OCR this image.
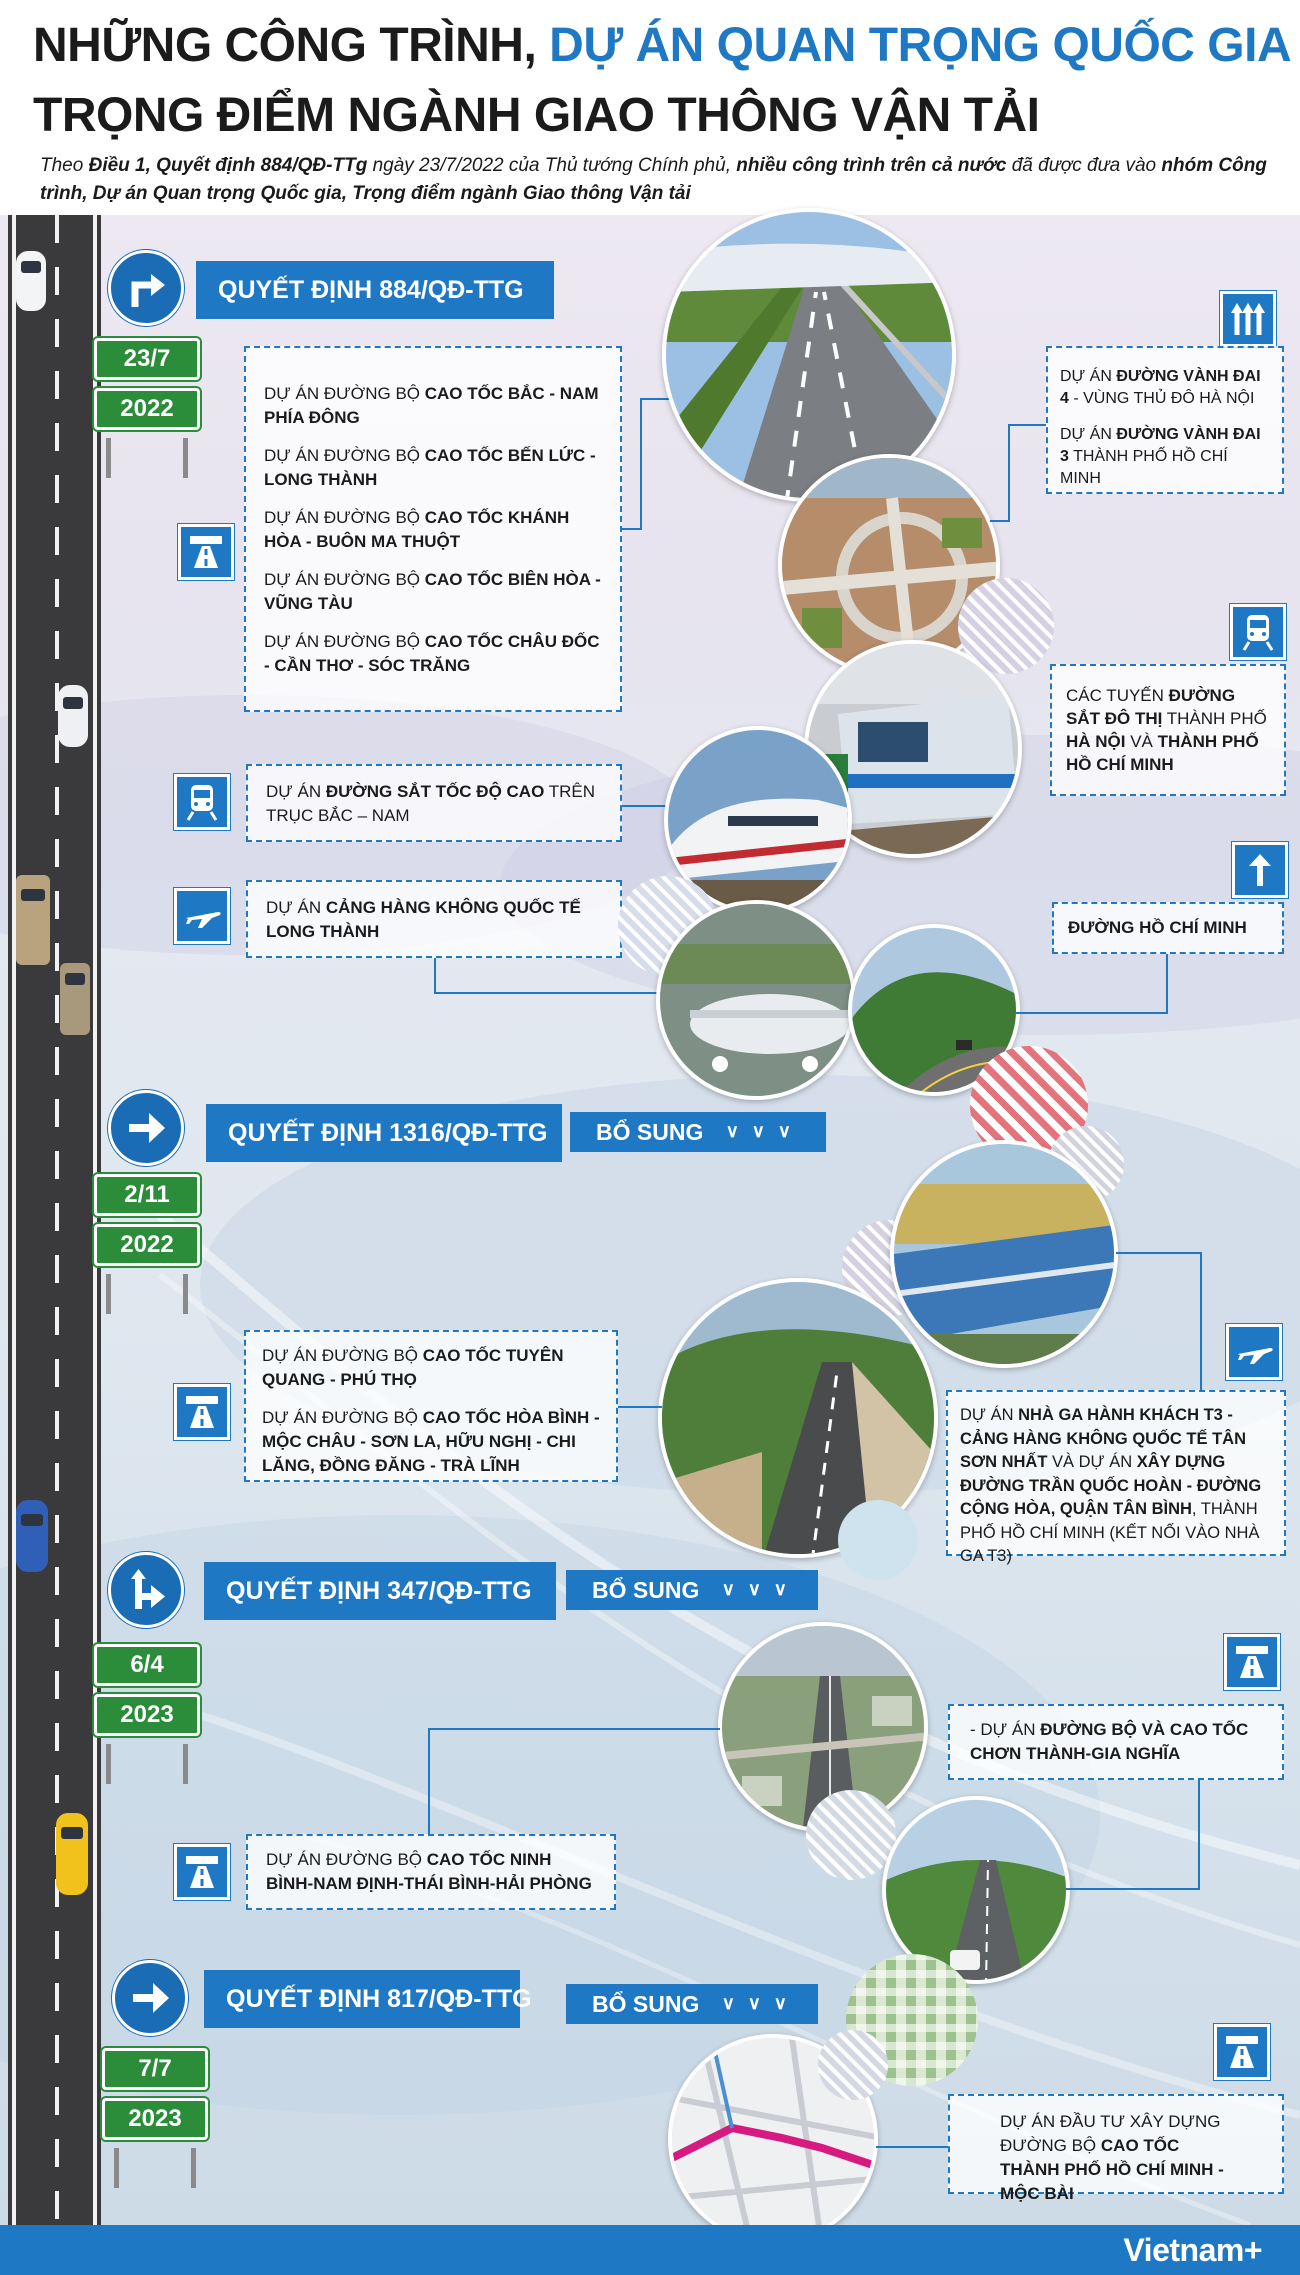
NHỮNG CÔNG TRÌNH, DỰ ÁN QUAN TRỌNG QUỐC GIA
TRỌNG ĐIỂM NGÀNH GIAO THÔNG VẬN TẢI
Theo Điều 1, Quyết định 884/QĐ-TTg ngày 23/7/2022 của Thủ tướng Chính phủ, nhiều công trình trên cả nước đã được đưa vào nhóm Công trình, Dự án Quan trọng Quốc gia, Trọng điểm ngành Giao thông Vận tải
QUYẾT ĐỊNH 884/QĐ-TTG
23/7
2022

DỰ ÁN ĐƯỜNG BỘ CAO TỐC BẮC - NAM PHÍA ĐÔNG

DỰ ÁN ĐƯỜNG BỘ CAO TỐC BẾN LỨC - LONG THÀNH

DỰ ÁN ĐƯỜNG BỘ CAO TỐC KHÁNH HÒA - BUÔN MA THUỘT

DỰ ÁN ĐƯỜNG BỘ CAO TỐC BIÊN HÒA - VŨNG TÀU

DỰ ÁN ĐƯỜNG BỘ CAO TỐC CHÂU ĐỐC - CẦN THƠ - SÓC TRĂNG

DỰ ÁN ĐƯỜNG VÀNH ĐAI 4 - VÙNG THỦ ĐÔ HÀ NỘI

DỰ ÁN ĐƯỜNG VÀNH ĐAI 3 THÀNH PHỐ HỒ CHÍ MINH

CÁC TUYẾN ĐƯỜNG SẮT ĐÔ THỊ THÀNH PHỐ HÀ NỘI VÀ THÀNH PHỐ HỒ CHÍ MINH

DỰ ÁN ĐƯỜNG SẮT TỐC ĐỘ CAO TRÊN TRỤC BẮC – NAM

DỰ ÁN CẢNG HÀNG KHÔNG QUỐC TẾ LONG THÀNH	ĐƯỜNG HỒ CHÍ MINH

QUYẾT ĐỊNH 1316/QĐ-TTG	BỔ SUNG ∨ ∨ ∨
2/11
2022

DỰ ÁN ĐƯỜNG BỘ CAO TỐC TUYÊN QUANG - PHÚ THỌ

DỰ ÁN ĐƯỜNG BỘ CAO TỐC HÒA BÌNH - MỘC CHÂU - SƠN LA, HỮU NGHỊ - CHI LĂNG, ĐỒNG ĐĂNG - TRÀ LĨNH

DỰ ÁN NHÀ GA HÀNH KHÁCH T3 - CẢNG HÀNG KHÔNG QUỐC TẾ TÂN SƠN NHẤT VÀ DỰ ÁN XÂY DỰNG ĐƯỜNG TRẦN QUỐC HOÀN - ĐƯỜNG CỘNG HÒA, QUẬN TÂN BÌNH, THÀNH PHỐ HỒ CHÍ MINH (KẾT NỐI VÀO NHÀ GA T3)

QUYẾT ĐỊNH 347/QĐ-TTG	BỔ SUNG ∨ ∨ ∨
6/4
2023

- DỰ ÁN ĐƯỜNG BỘ VÀ CAO TỐC CHƠN THÀNH-GIA NGHĨA

DỰ ÁN ĐƯỜNG BỘ CAO TỐC NINH BÌNH-NAM ĐỊNH-THÁI BÌNH-HẢI PHÒNG

QUYẾT ĐỊNH 817/QĐ-TTG	BỔ SUNG ∨ ∨ ∨
7/7
2023	DỰ ÁN ĐẦU TƯ XÂY DỰNG ĐƯỜNG BỘ CAO TỐC THÀNH PHỐ HỒ CHÍ MINH - MỘC BÀI

Vietnam+
